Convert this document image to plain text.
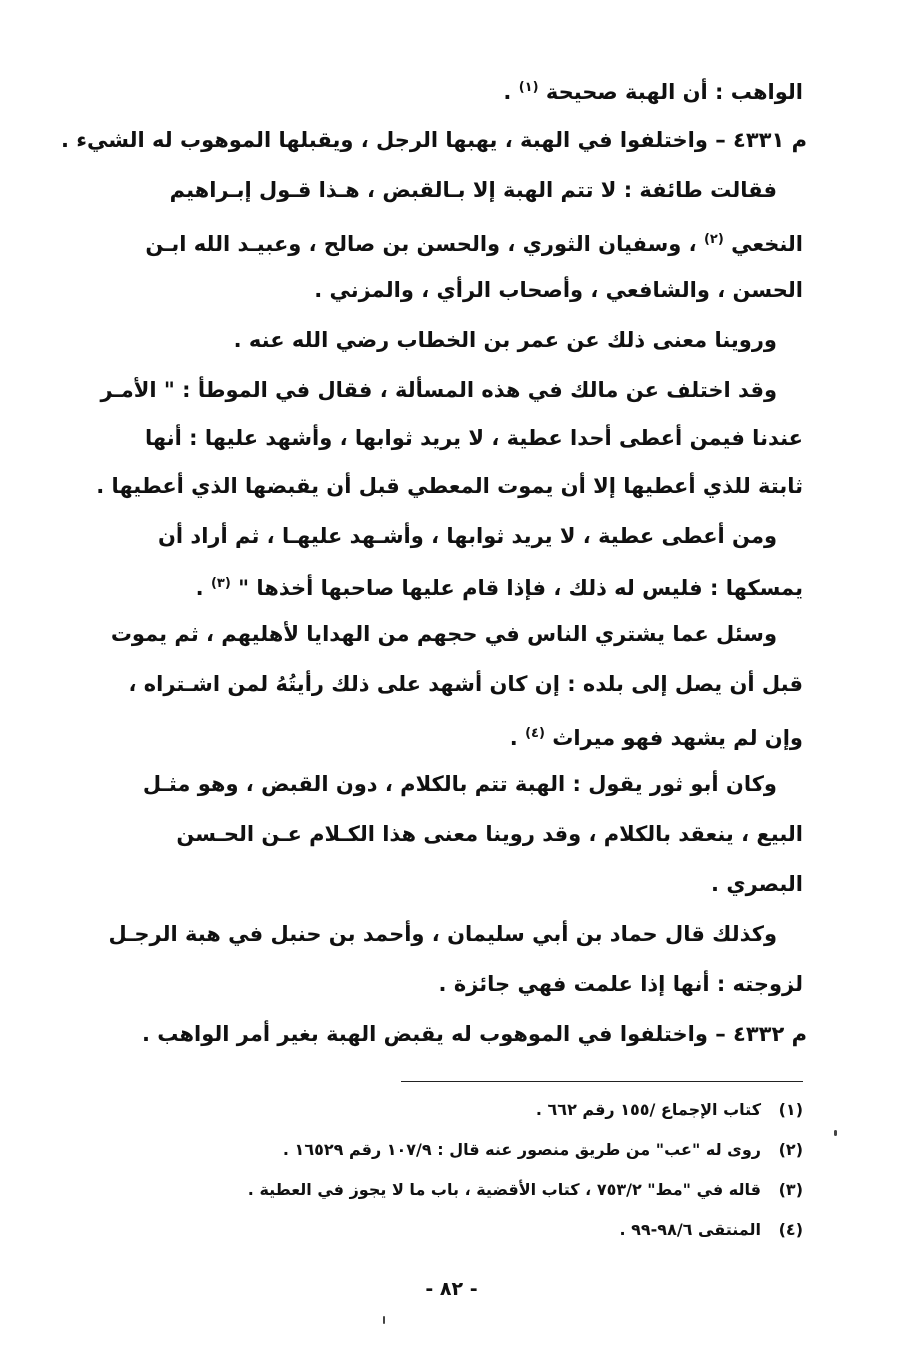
الواهب : أن الهبة صحيحة $^{(١)}$ .
م ٤٣٣١ – واختلفوا في الهبة ، يهبها الرجل ، ويقبلها الموهوب له الشيء .
فقالت طائفة : لا تتم الهبة إلا بـالقبض ، هـذا قـول إبـراهيم
النخعي $^{(٢)}$ ، وسفيان الثوري ، والحسن بن صالح ، وعبيـد الله ابـن
الحسن ، والشافعي ، وأصحاب الرأي ، والمزني .
وروينا معنى ذلك عن عمر بن الخطاب رضي الله عنه .
وقد اختلف عن مالك في هذه المسألة ، فقال في الموطأ : " الأمـر
عندنا فيمن أعطى أحدا عطية ، لا يريد ثوابها ، وأشهد عليها : أنها
ثابتة للذي أعطيها إلا أن يموت المعطي قبل أن يقبضها الذي أعطيها .
ومن أعطى عطية ، لا يريد ثوابها ، وأشـهد عليهـا ، ثم أراد أن
يمسكها : فليس له ذلك ، فإذا قام عليها صاحبها أخذها " $^{(٣)}$ .
وسئل عما يشتري الناس في حجهم من الهدايا لأهليهم ، ثم يموت
قبل أن يصل إلى بلده : إن كان أشهد على ذلك رأيتُهُ لمن اشـتراه ،
وإن لم يشهد فهو ميراث $^{(٤)}$ .
وكان أبو ثور يقول : الهبة تتم بالكلام ، دون القبض ، وهو مثـل
البيع ، ينعقد بالكلام ، وقد روينا معنى هذا الكـلام عـن الحـسن
البصري .
وكذلك قال حماد بن أبي سليمان ، وأحمد بن حنبل في هبة الرجـل
لزوجته : أنها إذا علمت فهي جائزة .
م ٤٣٣٢ – واختلفوا في الموهوب له يقبض الهبة بغير أمر الواهب .
(١)كتاب الإجماع /١٥٥ رقم ٦٦٢ .
(٢)روى له "عب" من طريق منصور عنه قال : ١٠٧/٩ رقم ١٦٥٢٩ .
(٣)قاله في "مط" ٧٥٣/٢ ، كتاب الأقضية ، باب ما لا يجوز في العطية .
(٤)المنتقى ٩٨/٦-٩٩ .
- ٨٢ -
